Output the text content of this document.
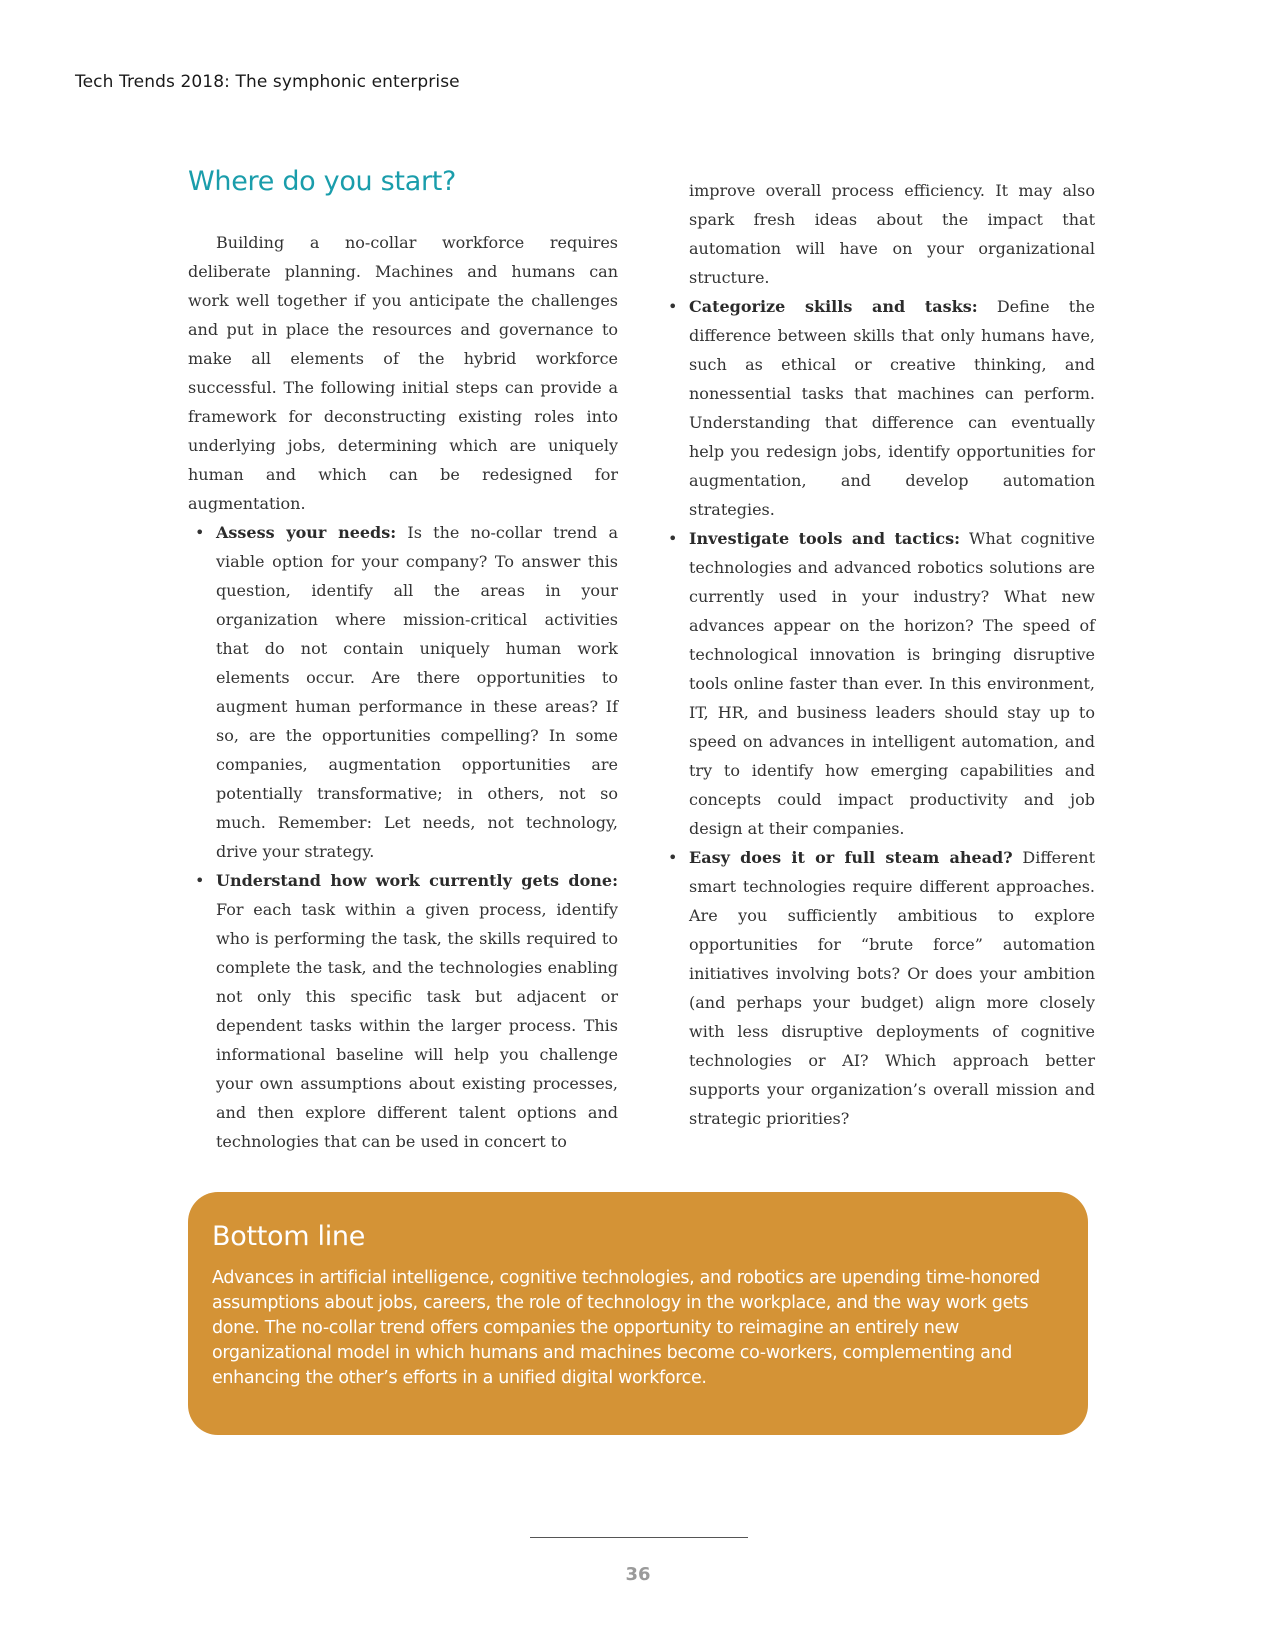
Tech Trends 2018: The symphonic enterprise
Where do you start?

Building a no-collar workforce requires deliberate planning. Machines and humans can work well together if you anticipate the challenges and put in place the resources and governance to make all elements of the hybrid workforce successful. The following initial steps can provide a framework for deconstructing existing roles into underlying jobs, determining which are uniquely human and which can be redesigned for augmentation.

• Assess your needs: Is the no-collar trend a viable option for your company? To answer this question, identify all the areas in your organization where mission-critical activities that do not contain uniquely human work elements occur. Are there opportunities to augment human performance in these areas? If so, are the opportunities compelling? In some companies, augmentation opportunities are potentially transformative; in others, not so much. Remember: Let needs, not technology, drive your strategy.
• Understand how work currently gets done: For each task within a given process, identify who is performing the task, the skills required to complete the task, and the technologies enabling not only this specific task but adjacent or dependent tasks within the larger process. This informational baseline will help you challenge your own assumptions about existing processes, and then explore different talent options and technologies that can be used in concert to

improve overall process efficiency. It may also spark fresh ideas about the impact that automation will have on your organizational structure.

• Categorize skills and tasks: Define the difference between skills that only humans have, such as ethical or creative thinking, and nonessential tasks that machines can perform. Understanding that difference can eventually help you redesign jobs, identify opportunities for augmentation, and develop automation strategies.
• Investigate tools and tactics: What cognitive technologies and advanced robotics solutions are currently used in your industry? What new advances appear on the horizon? The speed of technological innovation is bringing disruptive tools online faster than ever. In this environment, IT, HR, and business leaders should stay up to speed on advances in intelligent automation, and try to identify how emerging capabilities and concepts could impact productivity and job design at their companies.
• Easy does it or full steam ahead? Different smart technologies require different approaches. Are you sufficiently ambitious to explore opportunities for “brute force” automation initiatives involving bots? Or does your ambition (and perhaps your budget) align more closely with less disruptive deployments of cognitive technologies or AI? Which approach better supports your organization’s overall mission and strategic priorities?
Bottom line
Advances in artificial intelligence, cognitive technologies, and robotics are upending time-honored assumptions about jobs, careers, the role of technology in the workplace, and the way work gets done. The no-collar trend offers companies the opportunity to reimagine an entirely new organizational model in which humans and machines become co-workers, complementing and enhancing the other’s efforts in a unified digital workforce.
36
